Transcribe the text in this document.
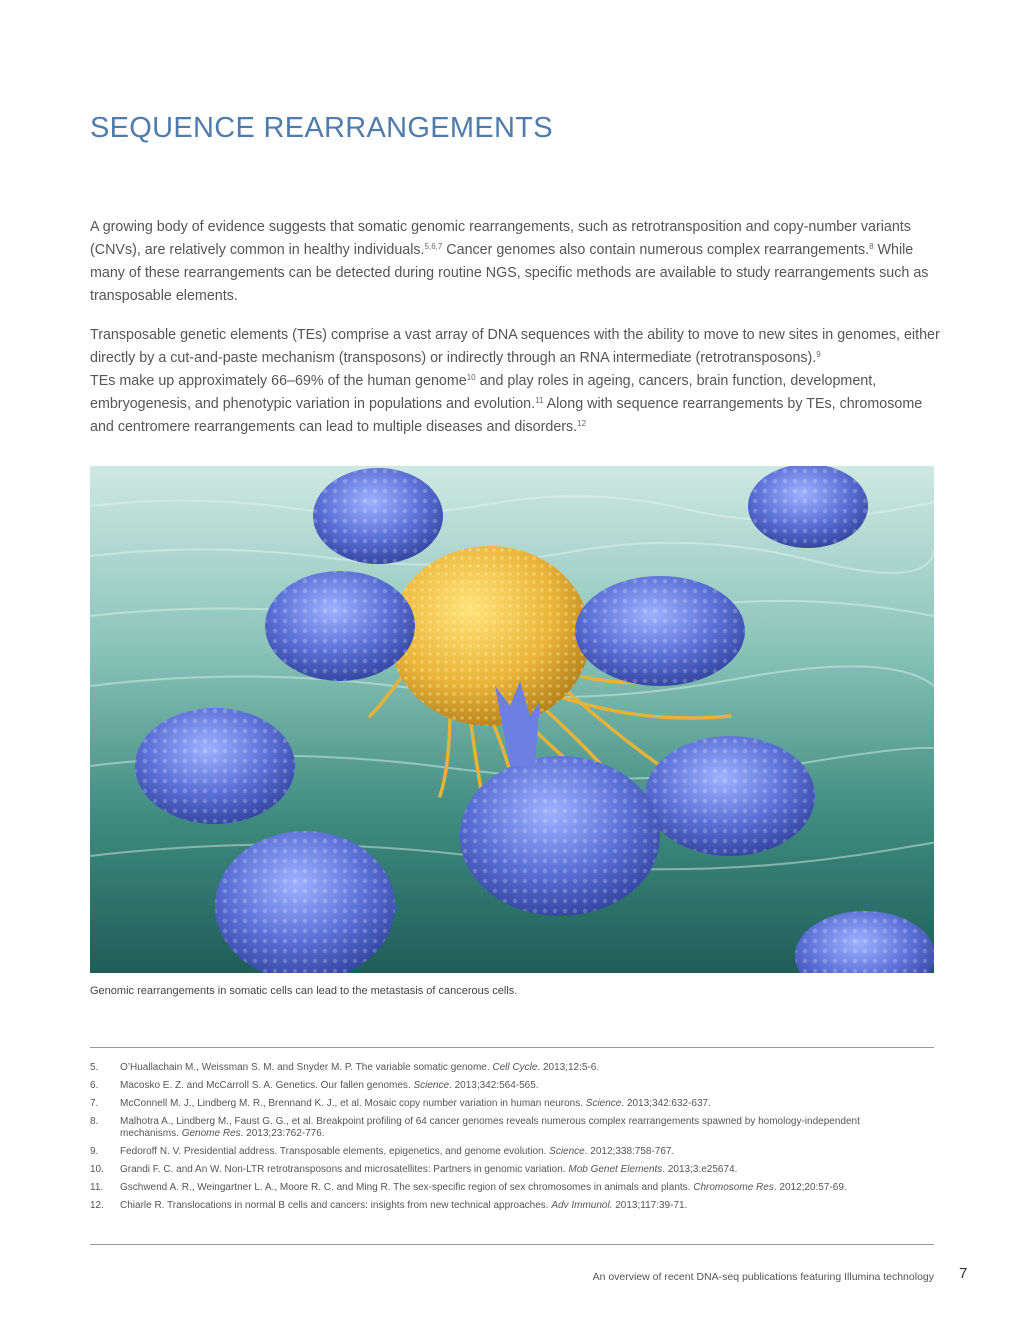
SEQUENCE REARRANGEMENTS

A growing body of evidence suggests that somatic genomic rearrangements, such as retrotransposition and copy-number variants (CNVs), are relatively common in healthy individuals.$^{5,6,7}$ Cancer genomes also contain numerous complex rearrangements.$^8$ While many of these rearrangements can be detected during routine NGS, specific methods are available to study rearrangements such as transposable elements.

Transposable genetic elements (TEs) comprise a vast array of DNA sequences with the ability to move to new sites in genomes, either directly by a cut-and-paste mechanism (transposons) or indirectly through an RNA intermediate (retrotransposons).$^9$
TEs make up approximately 66–69% of the human genome$^{10}$ and play roles in ageing, cancers, brain function, development, embryogenesis, and phenotypic variation in populations and evolution.$^{11}$ Along with sequence rearrangements by TEs, chromosome and centromere rearrangements can lead to multiple diseases and disorders.$^{12}$

Genomic rearrangements in somatic cells can lead to the metastasis of cancerous cells.
5.	O’Huallachain M., Weissman S. M. and Snyder M. P. The variable somatic genome. Cell Cycle. 2013;12:5-6.
6.	Macosko E. Z. and McCarroll S. A. Genetics. Our fallen genomes. Science. 2013;342:564-565.
7.	McConnell M. J., Lindberg M. R., Brennand K. J., et al. Mosaic copy number variation in human neurons. Science. 2013;342:632-637.
8.	Malhotra A., Lindberg M., Faust G. G., et al. Breakpoint profiling of 64 cancer genomes reveals numerous complex rearrangements spawned by homology-independent mechanisms. Genome Res. 2013;23:762-776.
9.	Fedoroff N. V. Presidential address. Transposable elements, epigenetics, and genome evolution. Science. 2012;338:758-767.
10.	Grandi F. C. and An W. Non-LTR retrotransposons and microsatellites: Partners in genomic variation. Mob Genet Elements. 2013;3:e25674.
11.	Gschwend A. R., Weingartner L. A., Moore R. C. and Ming R. The sex-specific region of sex chromosomes in animals and plants. Chromosome Res. 2012;20:57-69.
12.	Chiarle R. Translocations in normal B cells and cancers: insights from new technical approaches. Adv Immunol. 2013;117:39-71.
An overview of recent DNA-seq publications featuring Illumina technology 7
